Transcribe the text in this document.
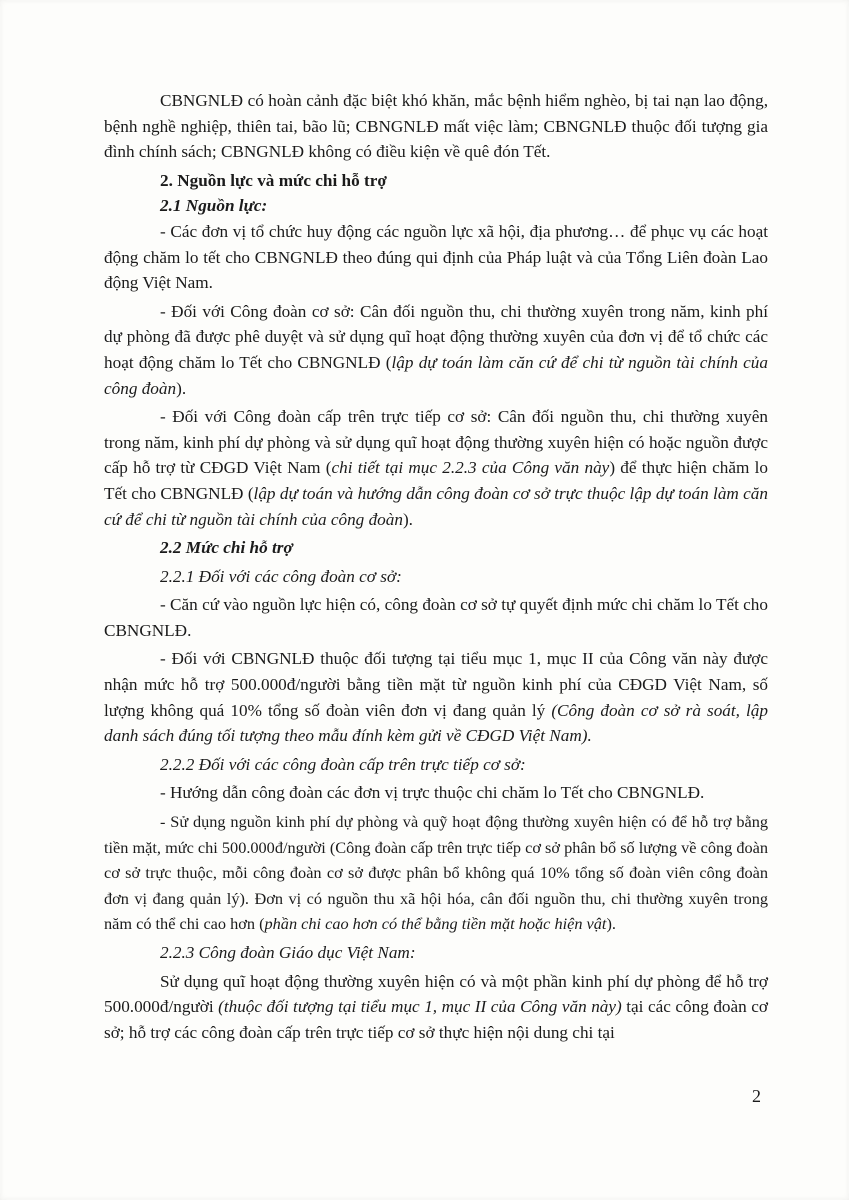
CBNGNLĐ có hoàn cảnh đặc biệt khó khăn, mắc bệnh hiểm nghèo, bị tai nạn lao động, bệnh nghề nghiệp, thiên tai, bão lũ; CBNGNLĐ mất việc làm; CBNGNLĐ thuộc đối tượng gia đình chính sách; CBNGNLĐ không có điều kiện về quê đón Tết.

2. Nguồn lực và mức chi hỗ trợ

2.1 Nguồn lực:

- Các đơn vị tổ chức huy động các nguồn lực xã hội, địa phương… để phục vụ các hoạt động chăm lo tết cho CBNGNLĐ theo đúng qui định của Pháp luật và của Tổng Liên đoàn Lao động Việt Nam.

- Đối với Công đoàn cơ sở: Cân đối nguồn thu, chi thường xuyên trong năm, kinh phí dự phòng đã được phê duyệt và sử dụng quĩ hoạt động thường xuyên của đơn vị để tổ chức các hoạt động chăm lo Tết cho CBNGNLĐ (lập dự toán làm căn cứ để chi từ nguồn tài chính của công đoàn).

- Đối với Công đoàn cấp trên trực tiếp cơ sở: Cân đối nguồn thu, chi thường xuyên trong năm, kinh phí dự phòng và sử dụng quĩ hoạt động thường xuyên hiện có hoặc nguồn được cấp hỗ trợ từ CĐGD Việt Nam (chi tiết tại mục 2.2.3 của Công văn này) để thực hiện chăm lo Tết cho CBNGNLĐ (lập dự toán và hướng dẫn công đoàn cơ sở trực thuộc lập dự toán làm căn cứ để chi từ nguồn tài chính của công đoàn).

2.2 Mức chi hỗ trợ

2.2.1 Đối với các công đoàn cơ sở:

- Căn cứ vào nguồn lực hiện có, công đoàn cơ sở tự quyết định mức chi chăm lo Tết cho CBNGNLĐ.

- Đối với CBNGNLĐ thuộc đối tượng tại tiểu mục 1, mục II của Công văn này được nhận mức hỗ trợ 500.000đ/người bằng tiền mặt từ nguồn kinh phí của CĐGD Việt Nam, số lượng không quá 10% tổng số đoàn viên đơn vị đang quản lý (Công đoàn cơ sở rà soát, lập danh sách đúng tối tượng theo mẫu đính kèm gửi về CĐGD Việt Nam).

2.2.2 Đối với các công đoàn cấp trên trực tiếp cơ sở:

- Hướng dẫn công đoàn các đơn vị trực thuộc chi chăm lo Tết cho CBNGNLĐ.

- Sử dụng nguồn kinh phí dự phòng và quỹ hoạt động thường xuyên hiện có để hỗ trợ bằng tiền mặt, mức chi 500.000đ/người (Công đoàn cấp trên trực tiếp cơ sở phân bổ số lượng về công đoàn cơ sở trực thuộc, mỗi công đoàn cơ sở được phân bổ không quá 10% tổng số đoàn viên công đoàn đơn vị đang quản lý). Đơn vị có nguồn thu xã hội hóa, cân đối nguồn thu, chi thường xuyên trong năm có thể chi cao hơn (phần chi cao hơn có thể bằng tiền mặt hoặc hiện vật).

2.2.3 Công đoàn Giáo dục Việt Nam:

Sử dụng quĩ hoạt động thường xuyên hiện có và một phần kinh phí dự phòng để hỗ trợ 500.000đ/người (thuộc đối tượng tại tiểu mục 1, mục II của Công văn này) tại các công đoàn cơ sở; hỗ trợ các công đoàn cấp trên trực tiếp cơ sở thực hiện nội dung chi tại

2
